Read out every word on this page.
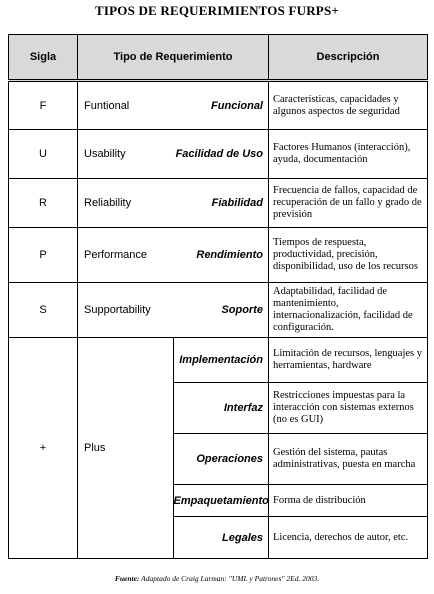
TIPOS DE REQUERIMIENTOS FURPS+
Sigla	Tipo de Requerimiento		Descripción
F	Funtional	Funcional	Características, capacidades y algunos aspectos de seguridad
U	Usability	Facilidad de Uso	Factores Humanos (interacción), ayuda, documentación
R	Reliability	Fiabilidad	Frecuencia de fallos, capacidad de recuperación de un fallo y grado de previsión
P	Performance	Rendimiento	Tiempos de respuesta, productividad, precisión, disponibilidad, uso de los recursos
S	Supportability	Soporte	Adaptabilidad, facilidad de mantenimiento, internacionalización, facilidad de configuración.
+	Plus	Implementación	Limitación de recursos, lenguajes y herramientas, hardware
		Interfaz	Restricciones impuestas para la interacción con sistemas externos (no es GUI)
		Operaciones	Gestión del sistema, pautas administrativas, puesta en marcha
		Empaquetamiento	Forma de distribución
		Legales	Licencia, derechos de autor, etc.
Fuente: Adaptado de Craig Larman: "UML y Patrones" 2Ed. 2003.
